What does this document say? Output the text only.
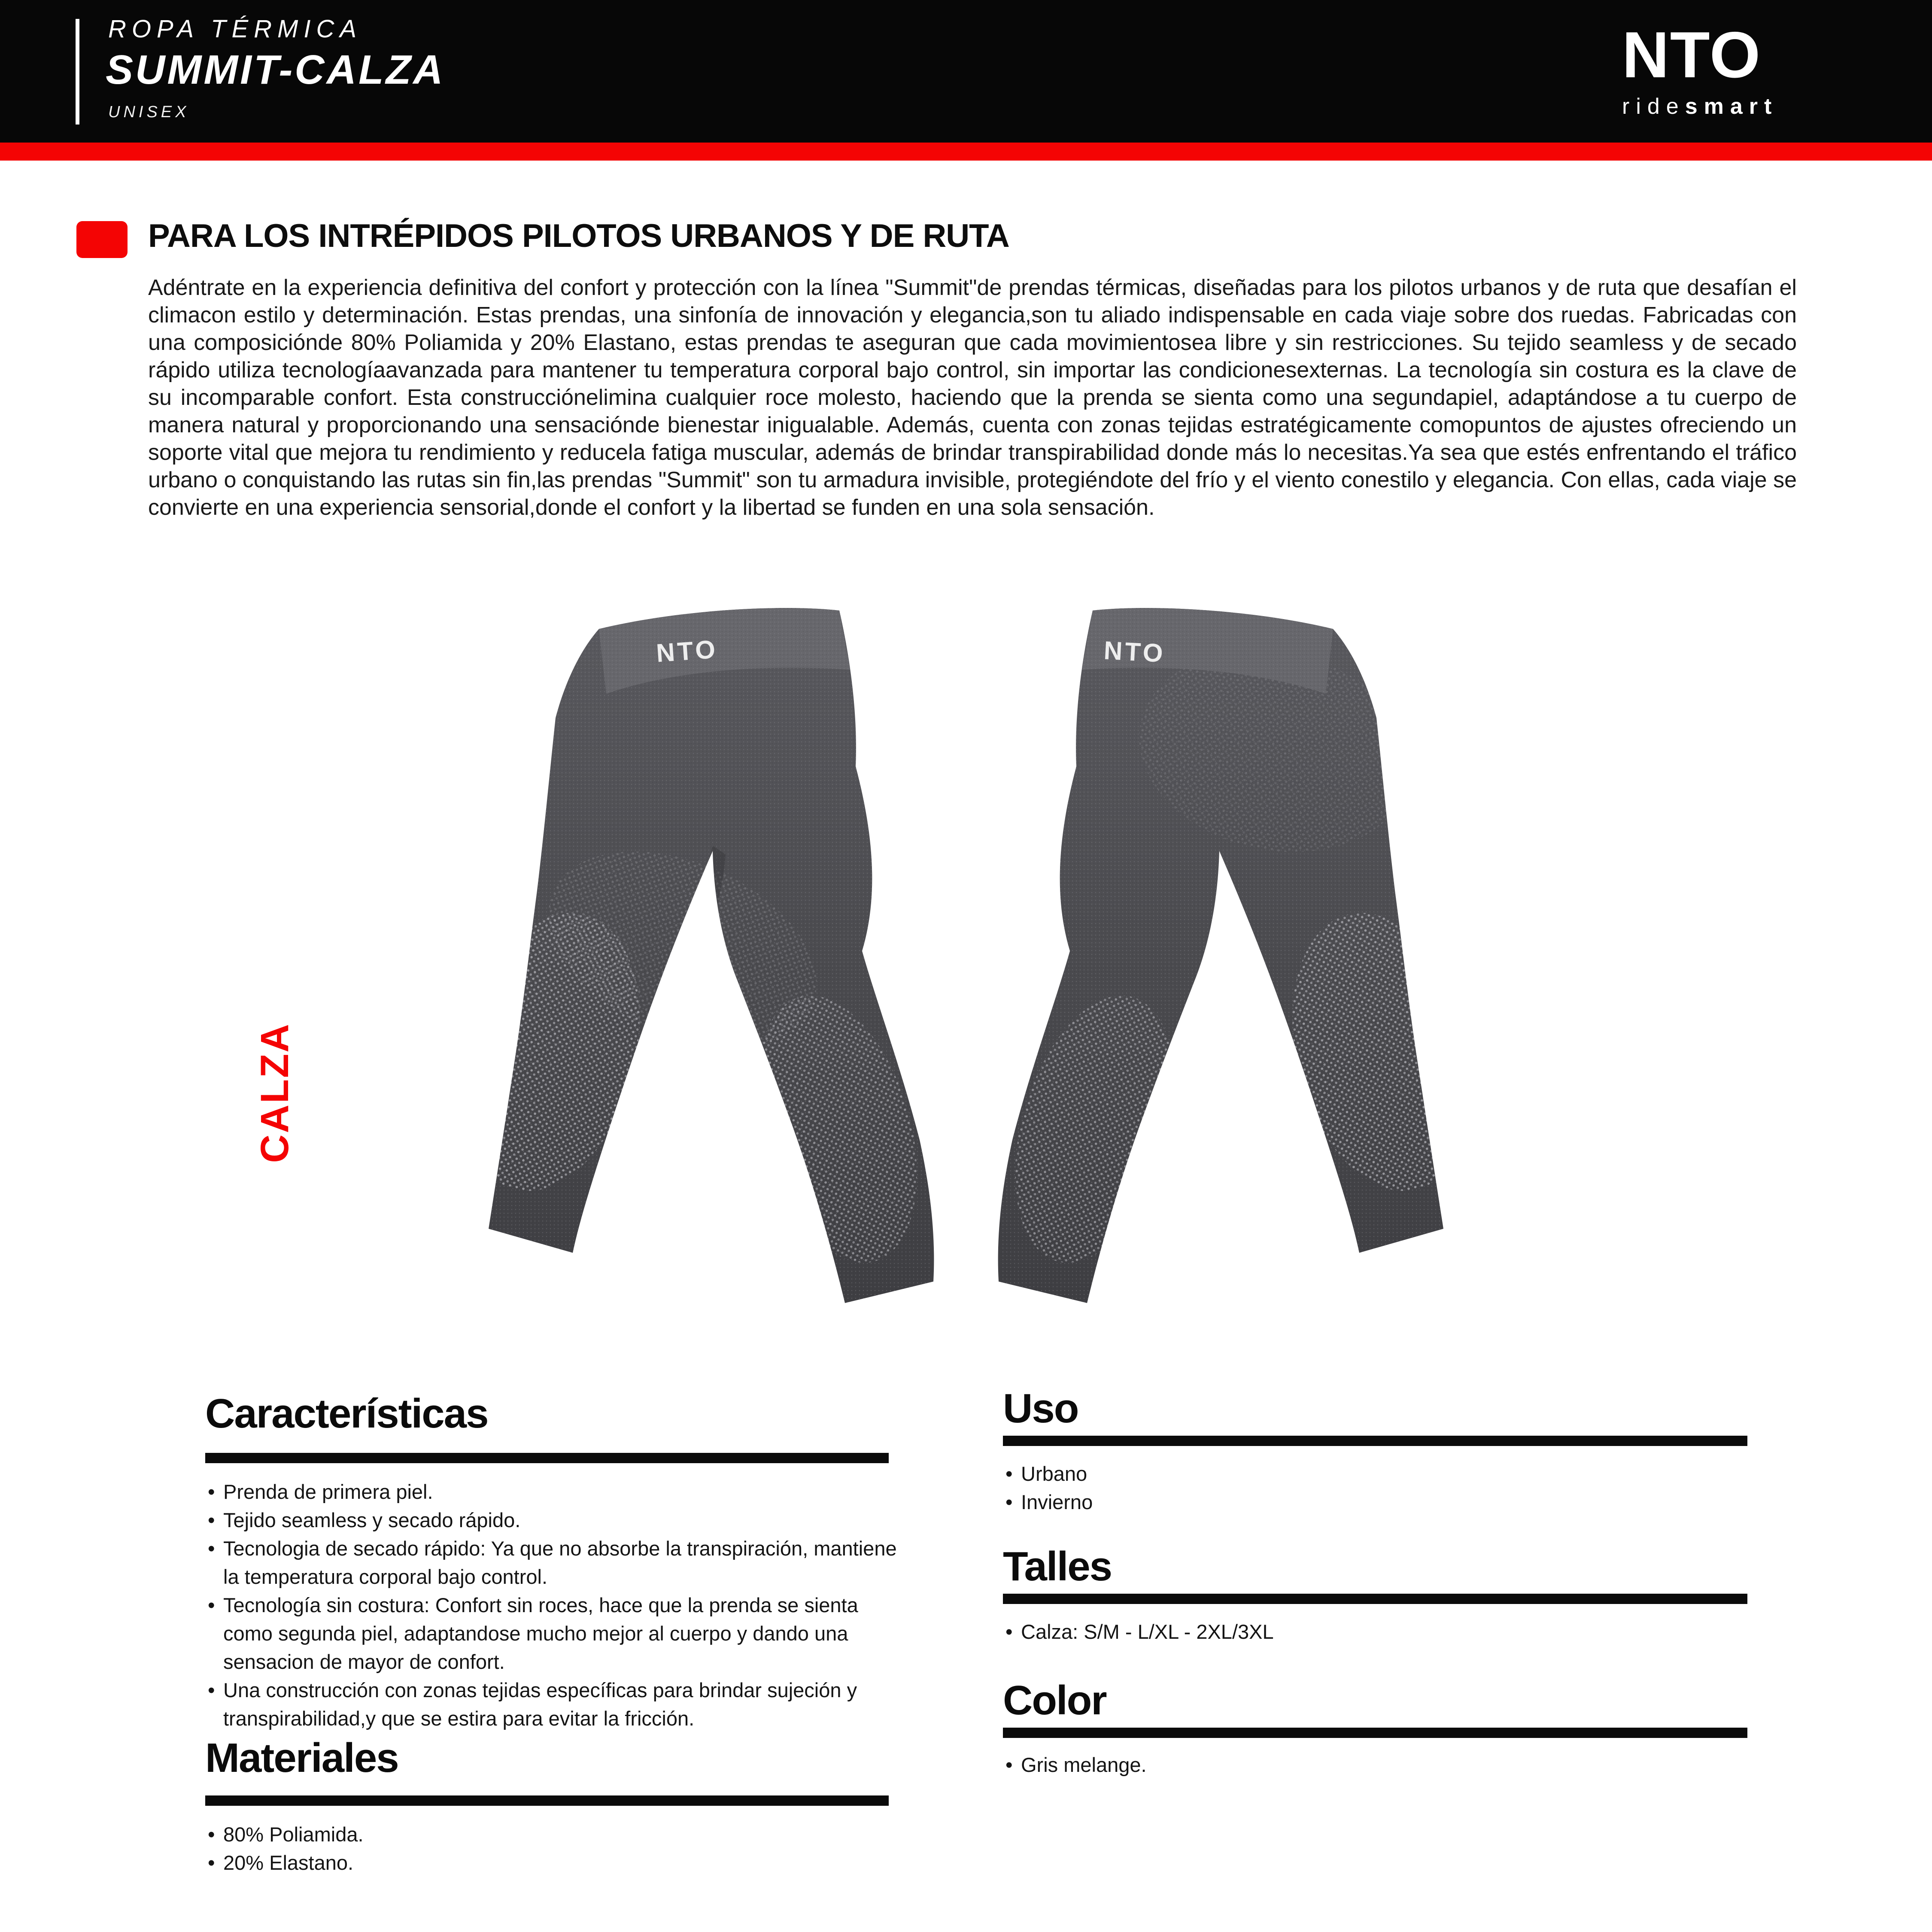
ROPA TÉRMICA
SUMMIT-CALZA
UNISEX
NTO
ridesmart
PARA LOS INTRÉPIDOS PILOTOS URBANOS Y DE RUTA
Adéntrate en la experiencia definitiva del confort y protección con la línea "Summit"de prendas térmicas, diseñadas para los pilotos urbanos y de ruta que desafían el climacon estilo y determinación. Estas prendas, una sinfonía de innovación y elegancia,son tu aliado indispensable en cada viaje sobre dos ruedas. Fabricadas con una composiciónde 80% Poliamida y 20% Elastano, estas prendas te aseguran que cada movimientosea libre y sin restricciones. Su tejido seamless y de secado rápido utiliza tecnologíaavanzada para mantener tu temperatura corporal bajo control, sin importar las condicionesexternas. La tecnología sin costura es la clave de su incomparable confort. Esta construcciónelimina cualquier roce molesto, haciendo que la prenda se sienta como una segundapiel, adaptándose a tu cuerpo de manera natural y proporcionando una sensaciónde bienestar inigualable. Además, cuenta con zonas tejidas estratégicamente comopuntos de ajustes ofreciendo un soporte vital que mejora tu rendimiento y reducela fatiga muscular, además de brindar transpirabilidad donde más lo necesitas.Ya sea que estés enfrentando el tráfico urbano o conquistando las rutas sin fin,las prendas "Summit" son tu armadura invisible, protegiéndote del frío y el viento conestilo y elegancia. Con ellas, cada viaje se convierte en una experiencia sensorial,donde el confort y la libertad se funden en una sola sensación.
CALZA
NTO	NTO
Características
• Prenda de primera piel.
• Tejido seamless y secado rápido.
• Tecnologia de secado rápido: Ya que no absorbe la transpiración, mantiene la temperatura corporal bajo control.
• Tecnología sin costura: Confort sin roces, hace que la prenda se sienta como segunda piel, adaptandose mucho mejor al cuerpo y dando una sensacion de mayor de confort.
• Una construcción con zonas tejidas específicas para brindar sujeción y transpirabilidad,y que se estira para evitar la fricción.
Materiales
• 80% Poliamida.
• 20% Elastano.
Uso
• Urbano
• Invierno
Talles
• Calza: S/M - L/XL - 2XL/3XL
Color
• Gris melange.
